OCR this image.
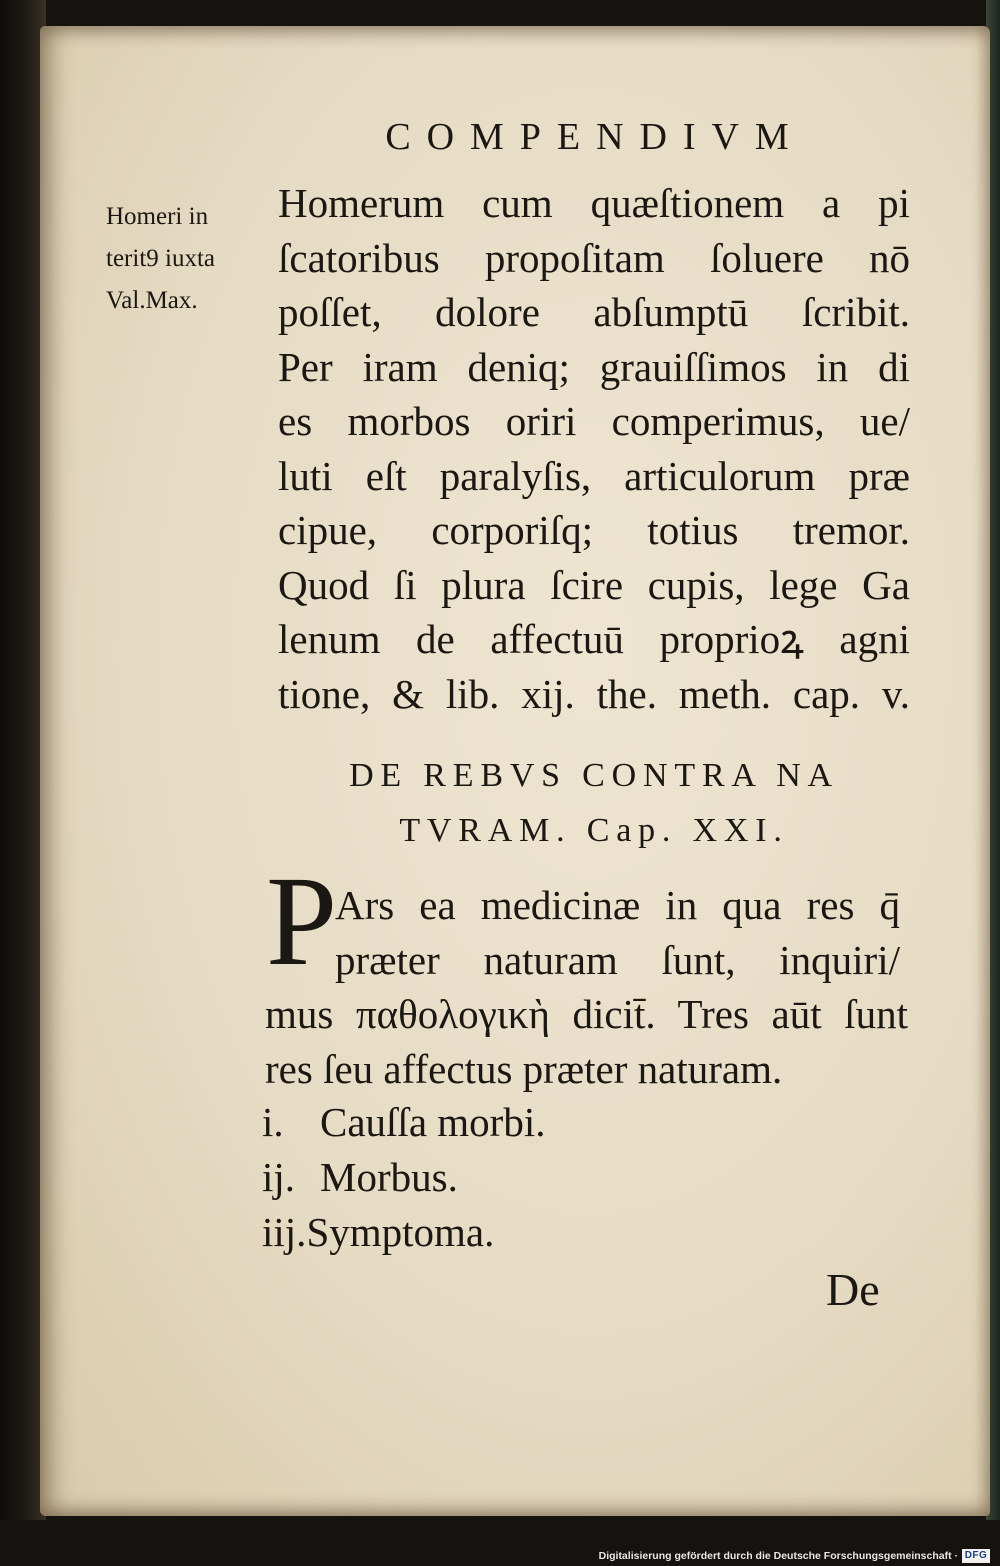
COMPENDIVM
Homeri in
terit9 iuxta
Val.Max.
Homerum cum quæſtionem a pi
ſcatoribus propoſitam ſoluere nō
poſſet, dolore abſumptū ſcribit.
Per iram deniq; grauiſſimos in di
es morbos oriri comperimus, ue/
luti eſt paralyſis, articulorum præ
cipue, corporiſq; totius tremor.
Quod ſi plura ſcire cupis, lege Ga
lenum de affectuū proprioꝝ agni
tione, & lib. xij. the. meth. cap. v.
DE REBVS CONTRA NA
TVRAM. Cap. XXI.
P
Ars ea medicinæ in qua res q̄
præter naturam ſunt, inquiri/
mus παθολογικὴ dicit̄. Tres aūt ſunt
res ſeu affectus præter naturam.
i. Cauſſa morbi.
ij. Morbus.
iij.Symptoma.
De
Digitalisierung gefördert durch die Deutsche Forschungsgemeinschaft · DFG
